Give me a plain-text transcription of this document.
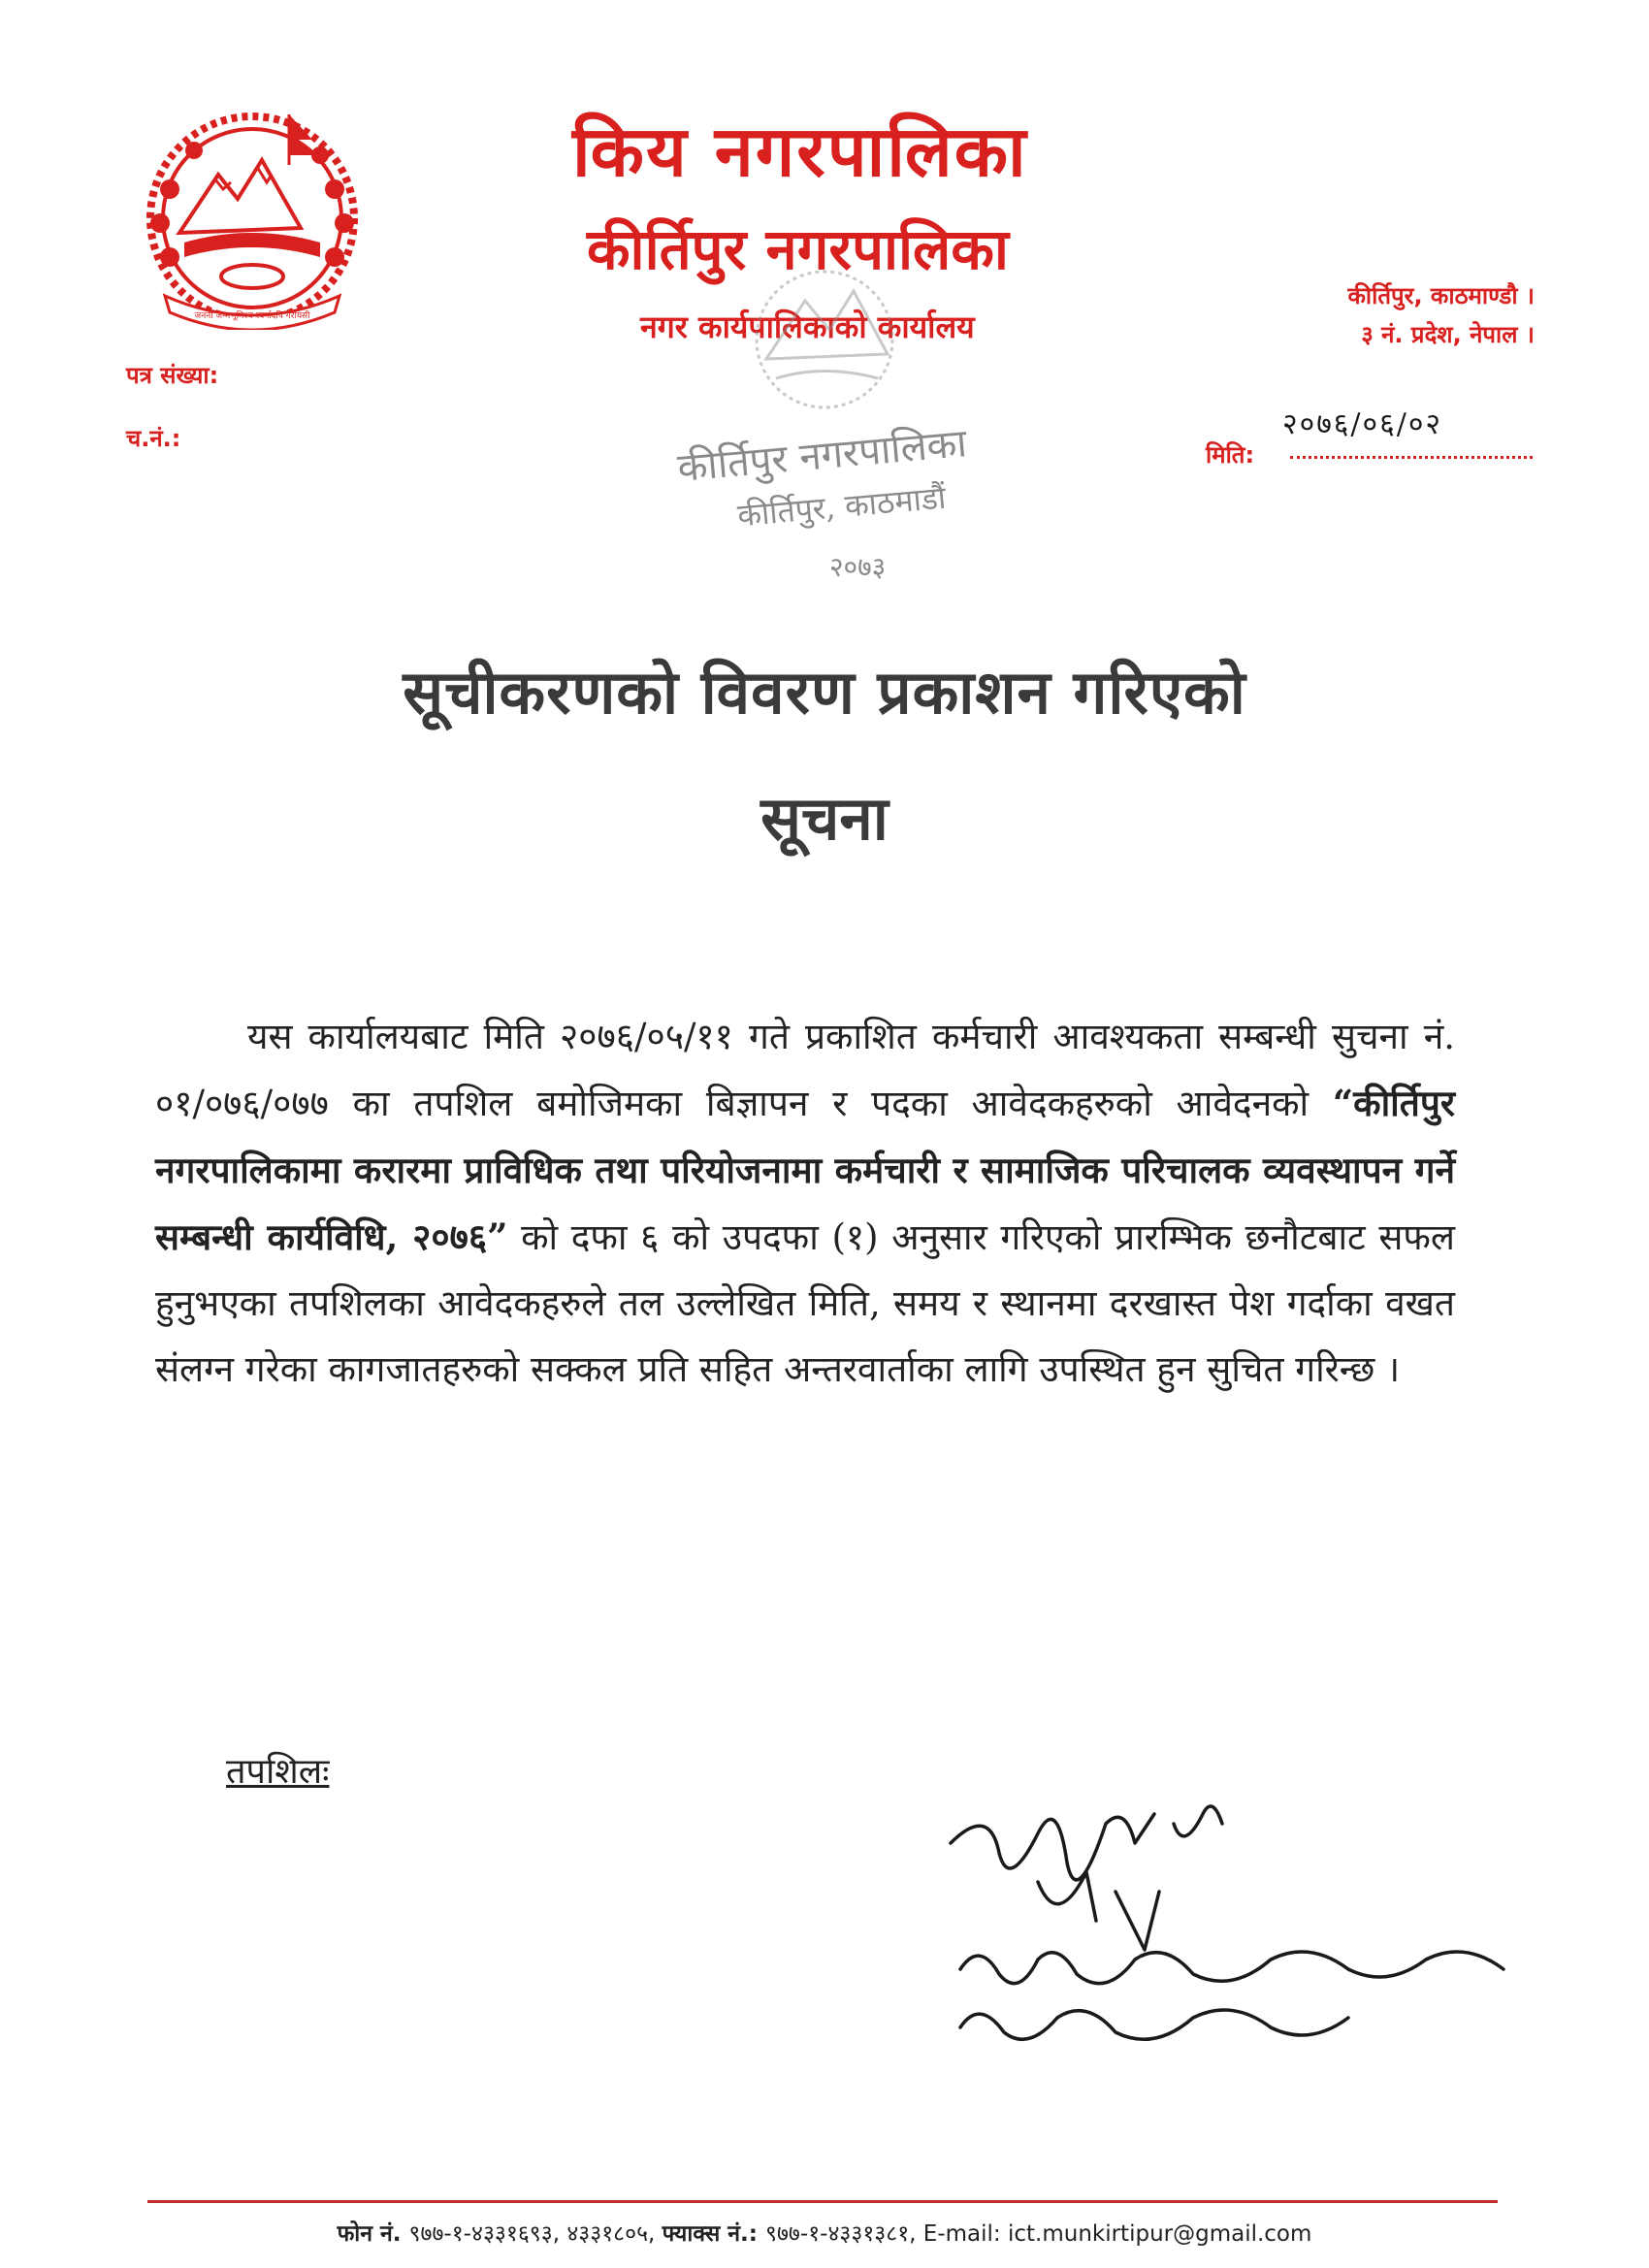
जननी जन्मभूमिश्च स्वर्गादपि गरीयसी
किय नगरपालिका
कीर्तिपुर नगरपालिका
नगर कार्यपालिकाको कार्यालय
कीर्तिपुर, काठमाण्डौ ।
३ नं. प्रदेश, नेपाल ।
पत्र संख्या:
च.नं.:	२०७६/०६/०२
मिति:
कीर्तिपुर नगरपालिका
कीर्तिपुर, काठमाडौं
२०७३
सूचीकरणको विवरण प्रकाशन गरिएको
सूचना
यस कार्यालयबाट मिति २०७६/०५/११ गते प्रकाशित कर्मचारी आवश्यकता सम्बन्धी सुचना नं. ०१/०७६/०७७ का तपशिल बमोजिमका बिज्ञापन र पदका आवेदकहरुको आवेदनको “कीर्तिपुर नगरपालिकामा करारमा प्राविधिक तथा परियोजनामा कर्मचारी र सामाजिक परिचालक व्यवस्थापन गर्ने सम्बन्धी कार्यविधि, २०७६” को दफा ६ को उपदफा (१) अनुसार गरिएको प्रारम्भिक छनौटबाट सफल हुनुभएका तपशिलका आवेदकहरुले तल उल्लेखित मिति, समय र स्थानमा दरखास्त पेश गर्दाका वखत संलग्न गरेका कागजातहरुको सक्कल प्रति सहित अन्तरवार्ताका लागि उपस्थित हुन सुचित गरिन्छ ।
तपशिलः
फोन नं. ९७७-१-४३३१६९३, ४३३१८०५, फ्याक्स नं.: ९७७-१-४३३१३८१, E-mail: ict.munkirtipur@gmail.com
